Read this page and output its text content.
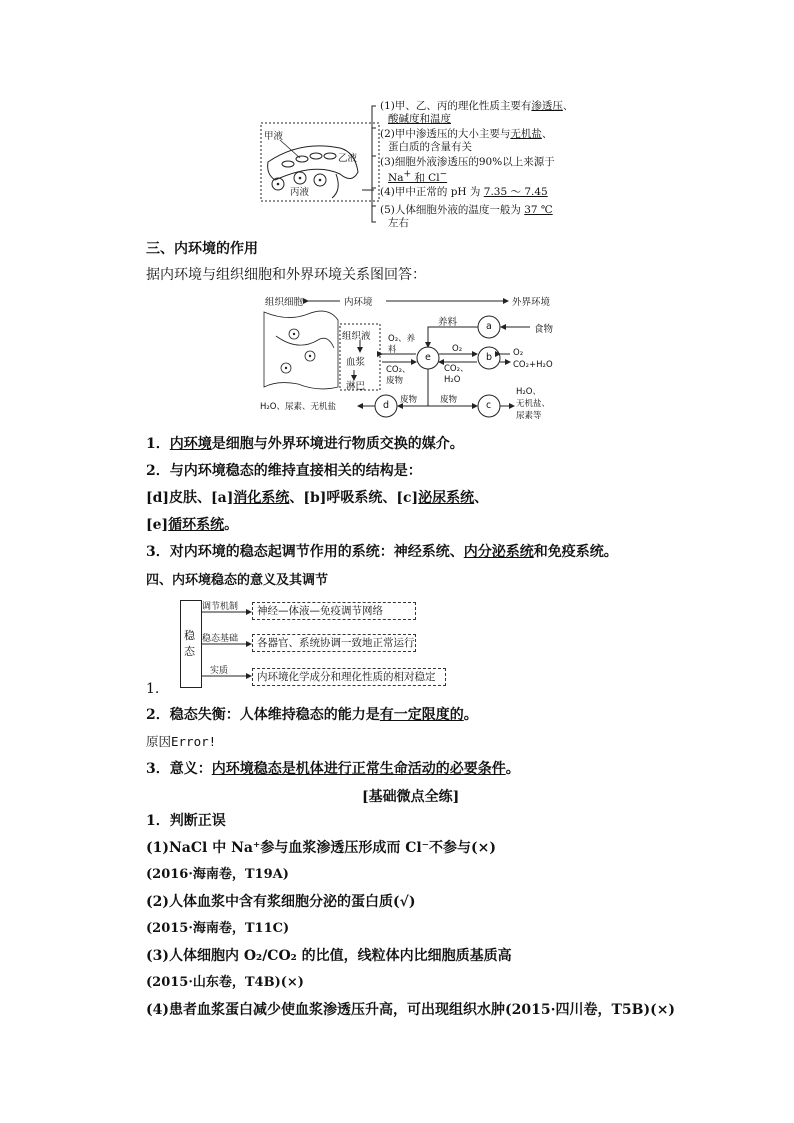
甲液
乙液
丙液
(1)甲、乙、丙的理化性质主要有渗透压、
酸碱度和温度
(2)甲中渗透压的大小主要与无机盐、
蛋白质的含量有关
(3)细胞外液渗透压的90%以上来源于
Na+ 和 Cl−
(4)甲中正常的 pH 为 7.35 ～ 7.45
(5)人体细胞外液的温度一般为 37 ℃
左右
三、内环境的作用
据内环境与组织细胞和外界环境关系图回答：
组织细胞	内环境	外界环境
组织液
血浆
淋巴
O₂、养料
CO₂、废物
养料
食物
O₂
CO₂、H₂O
O₂
CO₂+H₂O
废物	废物
H₂O、尿素、无机盐
H₂O、
无机盐、
尿素等
a
b
c
d
e
1．内环境是细胞与外界环境进行物质交换的媒介。
2．与内环境稳态的维持直接相关的结构是：
[d]皮肤、[a]消化系统、[b]呼吸系统、[c]泌尿系统、
[e]循环系统。
3．对内环境的稳态起调节作用的系统：神经系统、内分泌系统和免疫系统。
四、内环境稳态的意义及其调节
稳态
调节机制
稳态基础
实质
神经—体液—免疫调节网络
各器官、系统协调一致地正常运行
内环境化学成分和理化性质的相对稳定
1.
2．稳态失衡：人体维持稳态的能力是有一定限度的。
原因Error!
3．意义：内环境稳态是机体进行正常生命活动的必要条件。
[基础微点全练]
1．判断正误
(1)NaCl 中 Na⁺参与血浆渗透压形成而 Cl⁻不参与(×)
(2016·海南卷，T19A)
(2)人体血浆中含有浆细胞分泌的蛋白质(√)
(2015·海南卷，T11C)
(3)人体细胞内 O₂/CO₂ 的比值，线粒体内比细胞质基质高
(2015·山东卷，T4B)(×)
(4)患者血浆蛋白减少使血浆渗透压升高，可出现组织水肿(2015·四川卷，T5B)(×)
